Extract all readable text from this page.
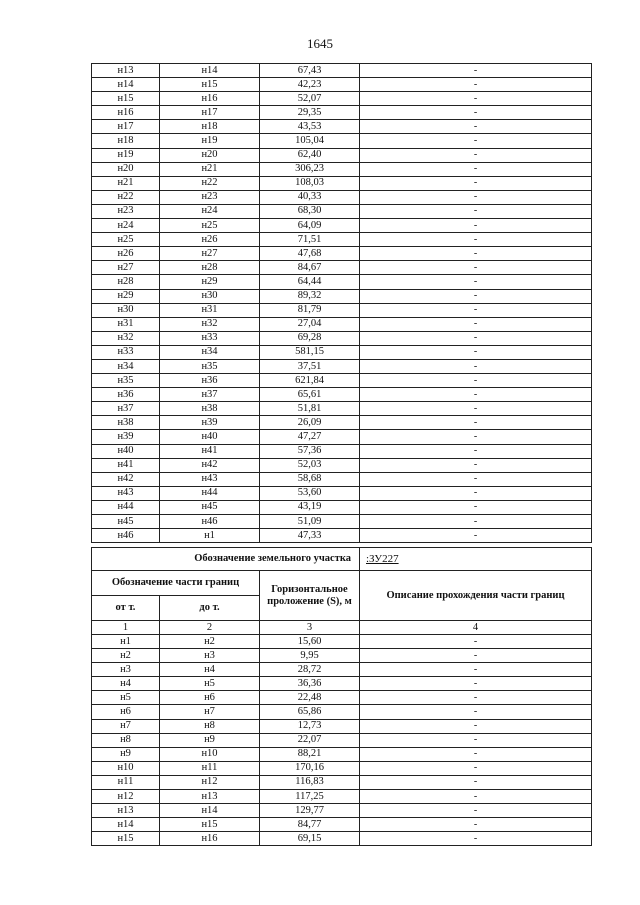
1645
н13	н14	67,43	-
н14	н15	42,23	-
н15	н16	52,07	-
н16	н17	29,35	-
н17	н18	43,53	-
н18	н19	105,04	-
н19	н20	62,40	-
н20	н21	306,23	-
н21	н22	108,03	-
н22	н23	40,33	-
н23	н24	68,30	-
н24	н25	64,09	-
н25	н26	71,51	-
н26	н27	47,68	-
н27	н28	84,67	-
н28	н29	64,44	-
н29	н30	89,32	-
н30	н31	81,79	-
н31	н32	27,04	-
н32	н33	69,28	-
н33	н34	581,15	-
н34	н35	37,51	-
н35	н36	621,84	-
н36	н37	65,61	-
н37	н38	51,81	-
н38	н39	26,09	-
н39	н40	47,27	-
н40	н41	57,36	-
н41	н42	52,03	-
н42	н43	58,68	-
н43	н44	53,60	-
н44	н45	43,19	-
н45	н46	51,09	-
н46	н1	47,33	-
Обозначение земельного участка			:ЗУ227
Обозначение части границ		Горизонтальное проложение (S), м	Описание прохождения части границ
от т.	до т.		
1	2	3	4
н1	н2	15,60	-
н2	н3	9,95	-
н3	н4	28,72	-
н4	н5	36,36	-
н5	н6	22,48	-
н6	н7	65,86	-
н7	н8	12,73	-
н8	н9	22,07	-
н9	н10	88,21	-
н10	н11	170,16	-
н11	н12	116,83	-
н12	н13	117,25	-
н13	н14	129,77	-
н14	н15	84,77	-
н15	н16	69,15	-
